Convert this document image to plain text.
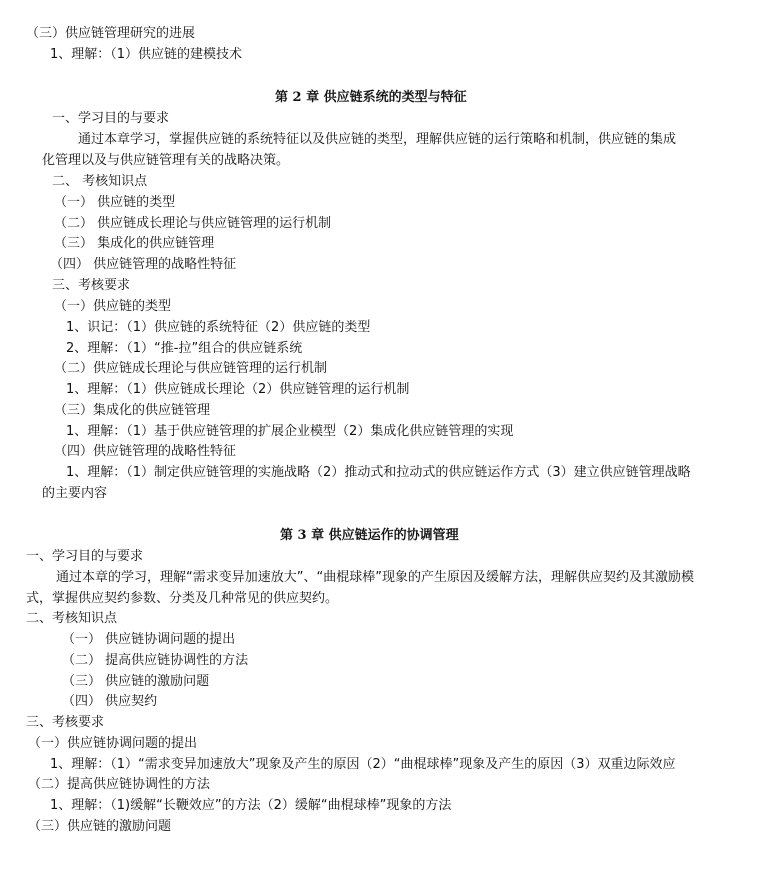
（三）供应链管理研究的进展
1、理解：（1）供应链的建模技术
第 2 章 供应链系统的类型与特征
一、学习目的与要求
通过本章学习，掌握供应链的系统特征以及供应链的类型，理解供应链的运行策略和机制，供应链的集成
化管理以及与供应链管理有关的战略决策。
二、 考核知识点
（一） 供应链的类型
（二） 供应链成长理论与供应链管理的运行机制
（三） 集成化的供应链管理
（四） 供应链管理的战略性特征
三、考核要求
（一）供应链的类型
1、识记：（1）供应链的系统特征（2）供应链的类型
2、理解：（1）“推-拉”组合的供应链系统
（二）供应链成长理论与供应链管理的运行机制
1、理解：（1）供应链成长理论（2）供应链管理的运行机制
（三）集成化的供应链管理
1、理解：（1）基于供应链管理的扩展企业模型（2）集成化供应链管理的实现
（四）供应链管理的战略性特征
1、理解：（1）制定供应链管理的实施战略（2）推动式和拉动式的供应链运作方式（3）建立供应链管理战略
的主要内容
第 3 章 供应链运作的协调管理
一、学习目的与要求
通过本章的学习，理解“需求变异加速放大”、“曲棍球棒”现象的产生原因及缓解方法，理解供应契约及其激励模
式，掌握供应契约参数、分类及几种常见的供应契约。
二、考核知识点
（一） 供应链协调问题的提出
（二） 提高供应链协调性的方法
（三） 供应链的激励问题
（四） 供应契约
三、考核要求
（一）供应链协调问题的提出
1、理解：（1）“需求变异加速放大”现象及产生的原因（2）“曲棍球棒”现象及产生的原因（3）双重边际效应
（二）提高供应链协调性的方法
1、理解：（1)缓解“长鞭效应”的方法（2）缓解“曲棍球棒”现象的方法
（三）供应链的激励问题
